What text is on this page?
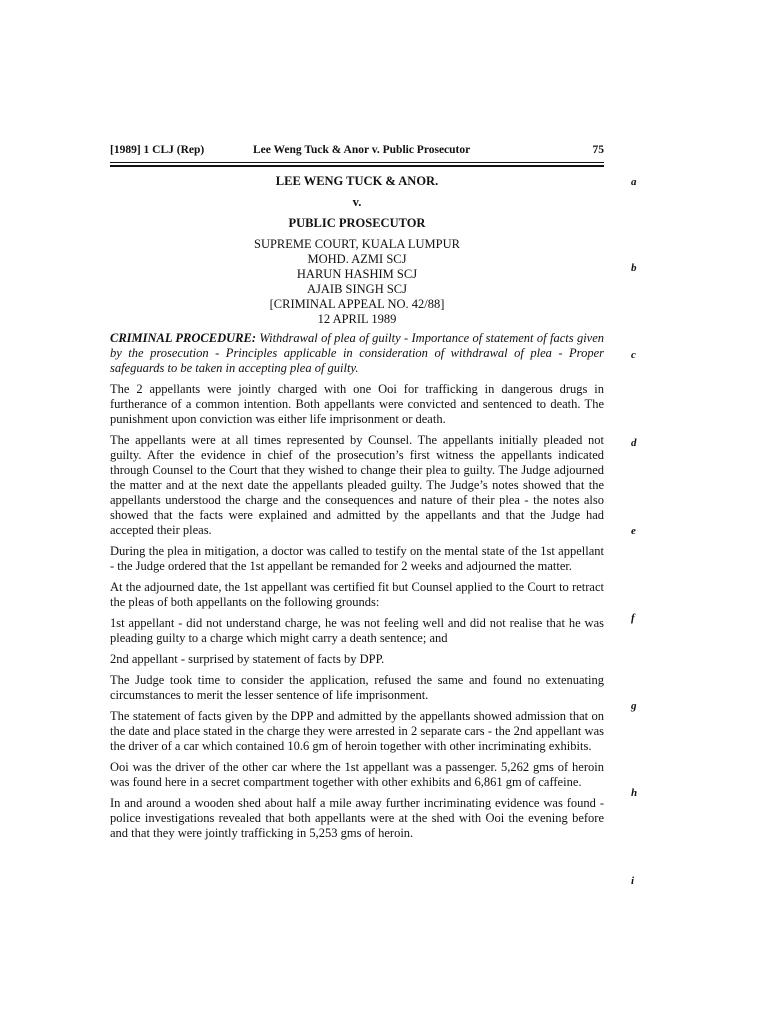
[1989] 1 CLJ (Rep)	Lee Weng Tuck & Anor v. Public Prosecutor	75
a
b
c
d
e
f
g
h
i
LEE WENG TUCK & ANOR.
v.
PUBLIC PROSECUTOR
SUPREME COURT, KUALA LUMPUR
MOHD. AZMI SCJ
HARUN HASHIM SCJ
AJAIB SINGH SCJ
[CRIMINAL APPEAL NO. 42/88]
12 APRIL 1989

CRIMINAL PROCEDURE: Withdrawal of plea of guilty - Importance of statement of facts given by the prosecution - Principles applicable in consideration of withdrawal of plea - Proper safeguards to be taken in accepting plea of guilty.

The 2 appellants were jointly charged with one Ooi for trafficking in dangerous drugs in furtherance of a common intention. Both appellants were convicted and sentenced to death. The punishment upon conviction was either life imprisonment or death.

The appellants were at all times represented by Counsel. The appellants initially pleaded not guilty. After the evidence in chief of the prosecution’s first witness the appellants indicated through Counsel to the Court that they wished to change their plea to guilty. The Judge adjourned the matter and at the next date the appellants pleaded guilty. The Judge’s notes showed that the appellants understood the charge and the consequences and nature of their plea - the notes also showed that the facts were explained and admitted by the appellants and that the Judge had accepted their pleas.

During the plea in mitigation, a doctor was called to testify on the mental state of the 1st appellant - the Judge ordered that the 1st appellant be remanded for 2 weeks and adjourned the matter.

At the adjourned date, the 1st appellant was certified fit but Counsel applied to the Court to retract the pleas of both appellants on the following grounds:

1st appellant - did not understand charge, he was not feeling well and did not realise that he was pleading guilty to a charge which might carry a death sentence; and

2nd appellant - surprised by statement of facts by DPP.

The Judge took time to consider the application, refused the same and found no extenuating circumstances to merit the lesser sentence of life imprisonment.

The statement of facts given by the DPP and admitted by the appellants showed admission that on the date and place stated in the charge they were arrested in 2 separate cars - the 2nd appellant was the driver of a car which contained 10.6 gm of heroin together with other incriminating exhibits.

Ooi was the driver of the other car where the 1st appellant was a passenger. 5,262 gms of heroin was found here in a secret compartment together with other exhibits and 6,861 gm of caffeine.

In and around a wooden shed about half a mile away further incriminating evidence was found - police investigations revealed that both appellants were at the shed with Ooi the evening before and that they were jointly trafficking in 5,253 gms of heroin.
